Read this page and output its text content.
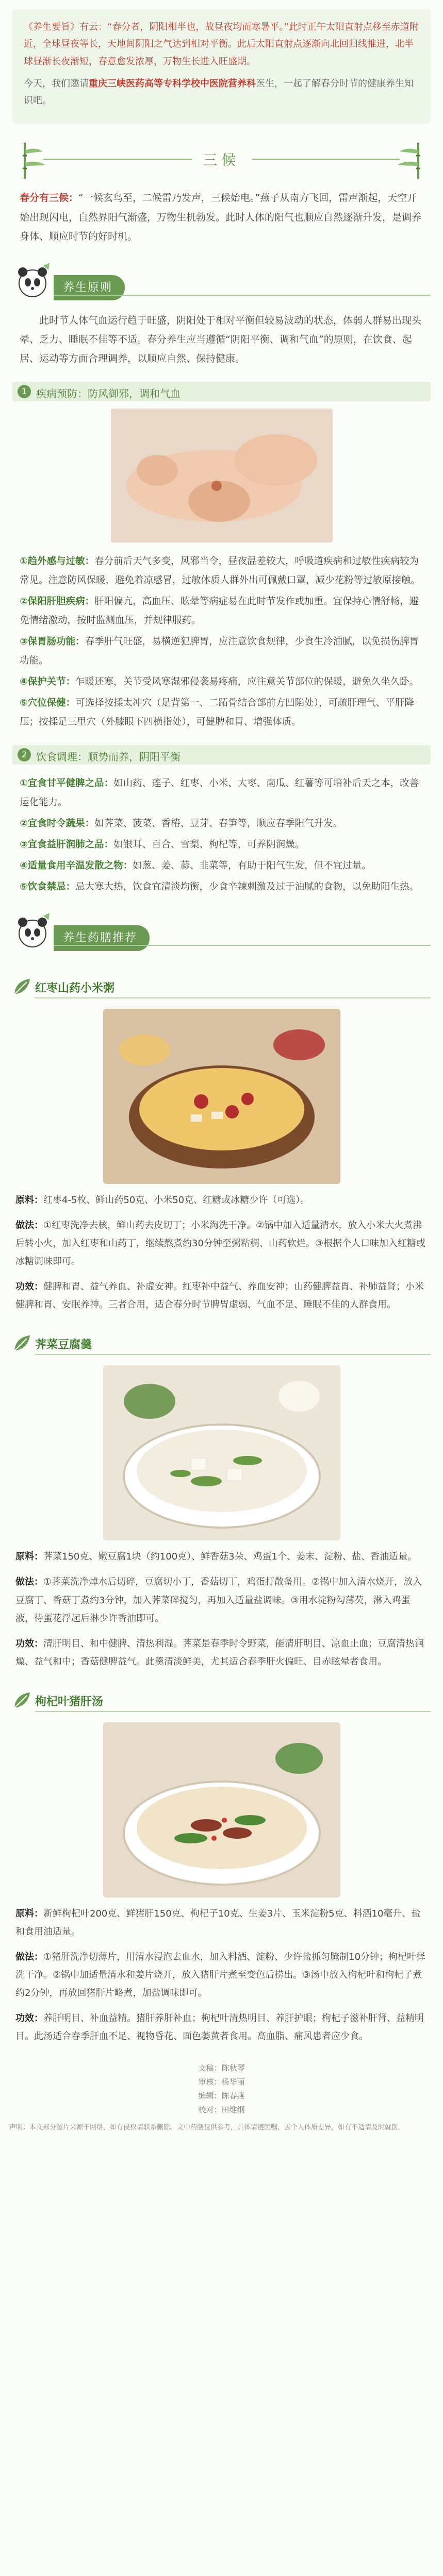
《养生要旨》有云：“春分者，阴阳相半也，故昼夜均而寒暑平。”此时正午太阳直射点移至赤道附近，全球昼夜等长，天地间阴阳之气达到相对平衡。此后太阳直射点逐渐向北回归线推进，北半球昼渐长夜渐短，春意愈发浓厚，万物生长进入旺盛期。

今天，我们邀请重庆三峡医药高等专科学校中医院营养科医生，一起了解春分时节的健康养生知识吧。

三候
春分有三候：“一候玄鸟至，二候雷乃发声，三候始电。”燕子从南方飞回，雷声渐起，天空开始出现闪电，自然界阳气渐盛，万物生机勃发。此时人体的阳气也顺应自然逐渐升发，是调养身体、顺应时节的好时机。
养生原则

此时节人体气血运行趋于旺盛，阴阳处于相对平衡但较易波动的状态，体弱人群易出现头晕、乏力、睡眠不佳等不适。春分养生应当遵循“阴阳平衡、调和气血”的原则，在饮食、起居、运动等方面合理调养，以顺应自然、保持健康。

1 疾病预防：防风御邪，调和气血

①趋外感与过敏：春分前后天气多变，风邪当令，昼夜温差较大，呼吸道疾病和过敏性疾病较为常见。注意防风保暖，避免着凉感冒，过敏体质人群外出可佩戴口罩，减少花粉等过敏原接触。

②保阳肝胆疾病：肝阳偏亢，高血压、眩晕等病症易在此时节发作或加重。宜保持心情舒畅，避免情绪激动，按时监测血压，并规律服药。

③保胃肠功能：春季肝气旺盛，易横逆犯脾胃，应注意饮食规律，少食生冷油腻，以免损伤脾胃功能。

④保护关节：乍暖还寒，关节受风寒湿邪侵袭易疼痛，应注意关节部位的保暖，避免久坐久卧。

⑤穴位保健：可选择按揉太冲穴（足背第一、二跖骨结合部前方凹陷处），可疏肝理气、平肝降压；按揉足三里穴（外膝眼下四横指处），可健脾和胃、增强体质。

2 饮食调理：顺势而养，阴阳平衡

①宜食甘平健脾之品：如山药、莲子、红枣、小米、大枣、南瓜、红薯等可培补后天之本，改善运化能力。

②宜食时令蔬果：如荠菜、菠菜、香椿、豆芽、春笋等，顺应春季阳气升发。

③宜食益肝润肺之品：如银耳、百合、雪梨、枸杞等，可养阴润燥。

④适量食用辛温发散之物：如葱、姜、蒜、韭菜等，有助于阳气生发，但不宜过量。

⑤饮食禁忌：忌大寒大热，饮食宜清淡均衡，少食辛辣刺激及过于油腻的食物，以免助阳生热。

养生药膳推荐
红枣山药小米粥

原料：红枣4-5枚、鲜山药50克、小米50克、红糖或冰糖少许（可选）。

做法：①红枣洗净去核，鲜山药去皮切丁；小米淘洗干净。②锅中加入适量清水，放入小米大火煮沸后转小火，加入红枣和山药丁，继续熬煮约30分钟至粥粘稠、山药软烂。③根据个人口味加入红糖或冰糖调味即可。

功效：健脾和胃、益气养血、补虚安神。红枣补中益气、养血安神；山药健脾益胃、补肺益肾；小米健脾和胃、安眠养神。三者合用，适合春分时节脾胃虚弱、气血不足、睡眠不佳的人群食用。

荠菜豆腐羹

原料：荠菜150克、嫩豆腐1块（约100克）、鲜香菇3朵、鸡蛋1个、姜末、淀粉、盐、香油适量。

做法：①荠菜洗净焯水后切碎，豆腐切小丁，香菇切丁，鸡蛋打散备用。②锅中加入清水烧开，放入豆腐丁、香菇丁煮约3分钟，加入荠菜碎搅匀，再加入适量盐调味。③用水淀粉勾薄芡，淋入鸡蛋液，待蛋花浮起后淋少许香油即可。

功效：清肝明目、和中健脾、清热利湿。荠菜是春季时令野菜，能清肝明目、凉血止血；豆腐清热润燥、益气和中；香菇健脾益气。此羹清淡鲜美，尤其适合春季肝火偏旺、目赤眩晕者食用。

枸杞叶猪肝汤

原料：新鲜枸杞叶200克、鲜猪肝150克、枸杞子10克、生姜3片、玉米淀粉5克、料酒10毫升、盐和食用油适量。

做法：①猪肝洗净切薄片，用清水浸泡去血水，加入料酒、淀粉、少许盐抓匀腌制10分钟；枸杞叶择洗干净。②锅中加适量清水和姜片烧开，放入猪肝片煮至变色后捞出。③汤中放入枸杞叶和枸杞子煮约2分钟，再放回猪肝片略煮，加盐调味即可。

功效：养肝明目、补血益精。猪肝养肝补血；枸杞叶清热明目、养肝护眼；枸杞子滋补肝肾、益精明目。此汤适合春季肝血不足、视物昏花、面色萎黄者食用。高血脂、痛风患者应少食。

文稿：陈秋琴
审核：杨华丽
编辑：陈春燕
校对：田维纲

声明：本文部分图片来源于网络，如有侵权请联系删除。文中药膳仅供参考，具体请遵医嘱，因个人体质差异，如有不适请及时就医。
